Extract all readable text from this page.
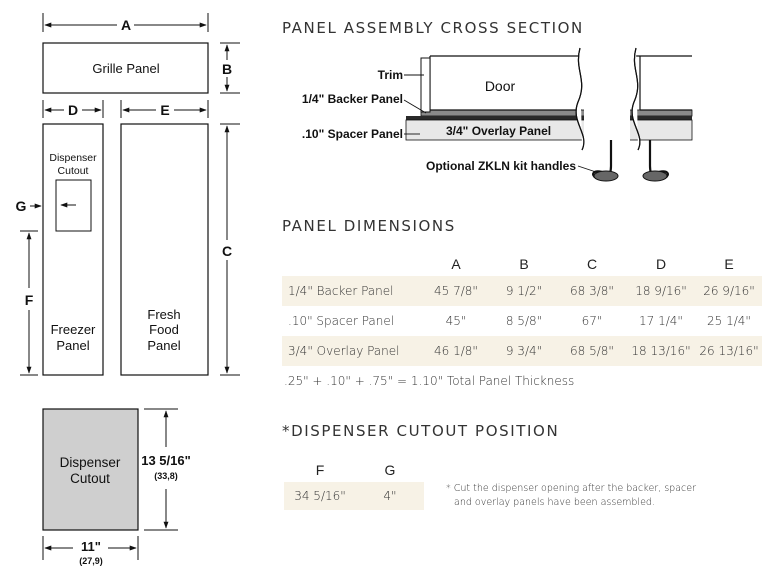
A
Grille Panel	B
D	E
Dispenser
Cutout
G
C
F
Freezer
Panel
Fresh
Food
Panel
Dispenser
Cutout
13 5/16"
(33,8)
11"
(27,9)
Door
Trim
1/4" Backer Panel
.10" Spacer Panel	3/4" Overlay Panel
Optional ZKLN kit handles
PANEL ASSEMBLY CROSS SECTION
PANEL DIMENSIONS
	A	B	C	D	E
1/4" Backer Panel	45 7/8"	9 1/2"	68 3/8"	18 9/16"	26 9/16"
.10" Spacer Panel	45"	8 5/8"	67"	17 1/4"	25 1/4"
3/4" Overlay Panel	46 1/8"	9 3/4"	68 5/8"	18 13/16"	26 13/16"
.25" + .10" + .75" = 1.10" Total Panel Thickness
*DISPENSER CUTOUT POSITION
F	G
34 5/16"	4"
* Cut the dispenser opening after the backer, spacer
and overlay panels have been assembled.
